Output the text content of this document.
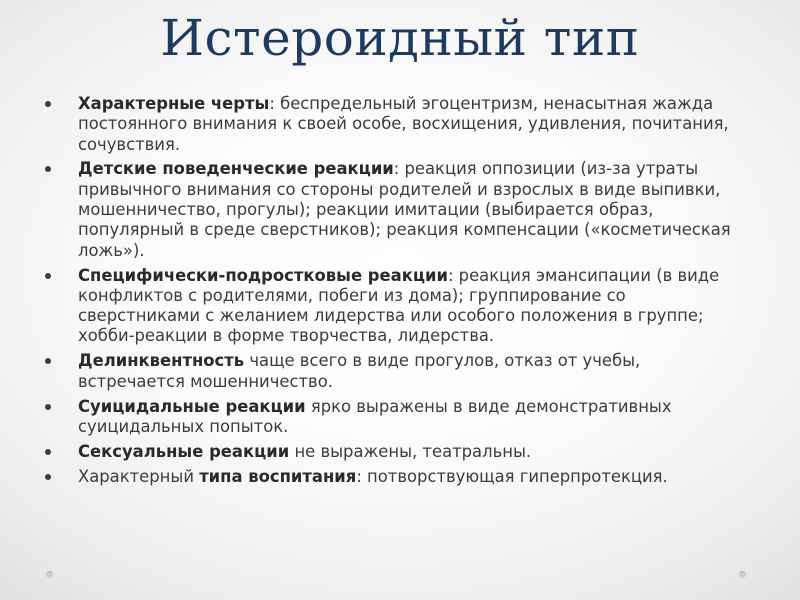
Истероидный тип
Характерные черты: беспредельный эгоцентризм, ненасытная жажда постоянного внимания к своей особе, восхищения, удивления, почитания, сочувствия.
Детские поведенческие реакции: реакция оппозиции (из-за утраты привычного внимания со стороны родителей и взрослых в виде выпивки, мошенничество, прогулы); реакции имитации (выбирается образ, популярный в среде сверстников); реакция компенсации («косметическая ложь»).
Специфически-подростковые реакции: реакция эмансипации (в виде конфликтов с родителями, побеги из дома); группирование со сверстниками с желанием лидерства или особого положения в группе; хобби-реакции в форме творчества, лидерства.
Делинквентность чаще всего в виде прогулов, отказ от учебы, встречается мошенничество.
Суицидальные реакции ярко выражены в виде демонстративных суицидальных попыток.
Сексуальные реакции не выражены, театральны.
Характерный типа воспитания: потворствующая гиперпротекция.
